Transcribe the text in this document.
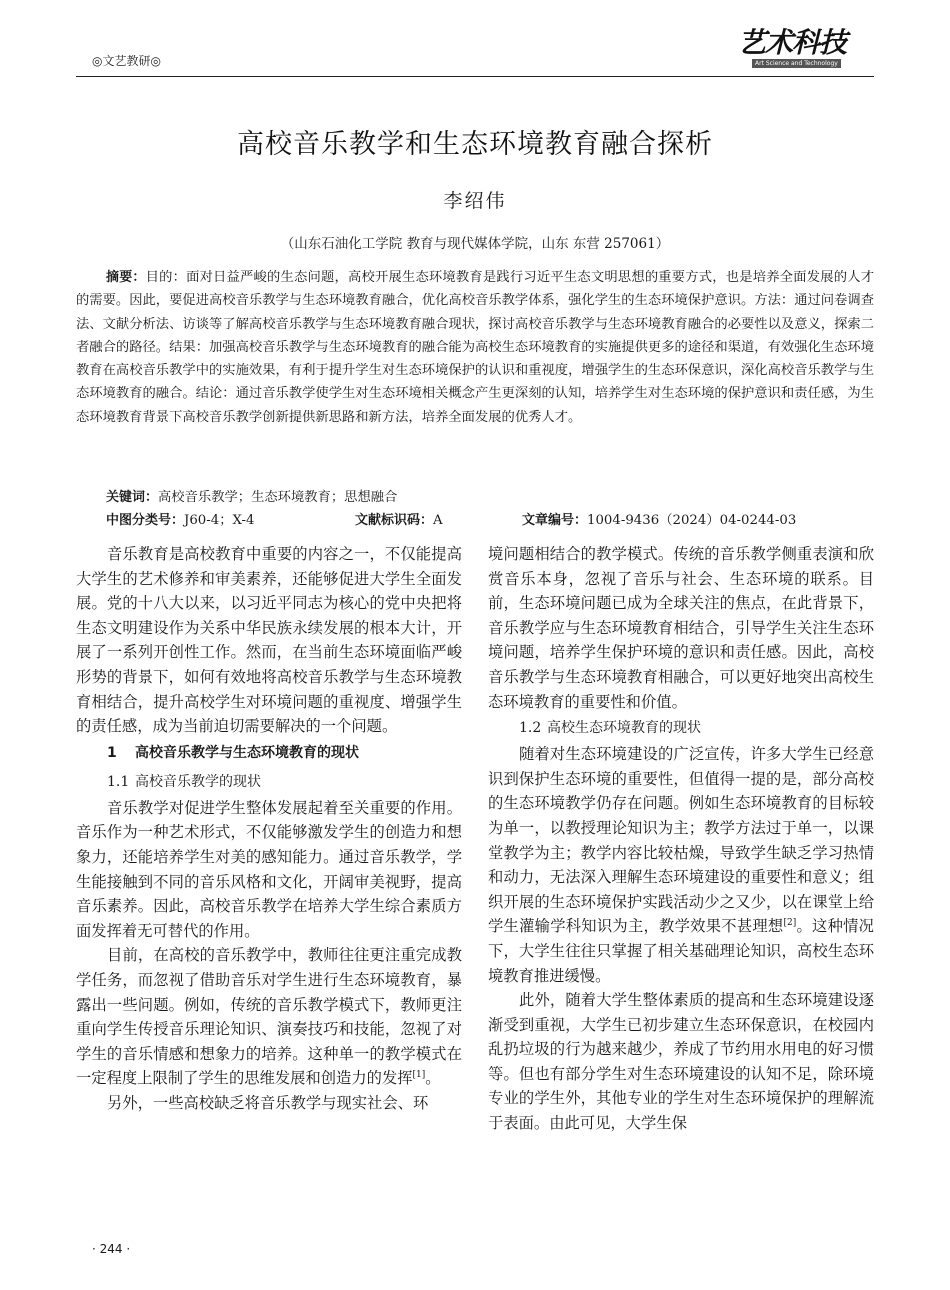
◎文艺教研◎
艺术科技
Art Science and Technology
高校音乐教学和生态环境教育融合探析
李绍伟
（山东石油化工学院 教育与现代媒体学院，山东 东营 257061）

摘要：目的：面对日益严峻的生态问题，高校开展生态环境教育是践行习近平生态文明思想的重要方式，也是培养全面发展的人才的需要。因此，要促进高校音乐教学与生态环境教育融合，优化高校音乐教学体系，强化学生的生态环境保护意识。方法：通过问卷调查法、文献分析法、访谈等了解高校音乐教学与生态环境教育融合现状，探讨高校音乐教学与生态环境教育融合的必要性以及意义，探索二者融合的路径。结果：加强高校音乐教学与生态环境教育的融合能为高校生态环境教育的实施提供更多的途径和渠道，有效强化生态环境教育在高校音乐教学中的实施效果，有利于提升学生对生态环境保护的认识和重视度，增强学生的生态环保意识，深化高校音乐教学与生态环境教育的融合。结论：通过音乐教学使学生对生态环境相关概念产生更深刻的认知，培养学生对生态环境的保护意识和责任感，为生态环境教育背景下高校音乐教学创新提供新思路和新方法，培养全面发展的优秀人才。

关键词：高校音乐教学；生态环境教育；思想融合
中图分类号：J60-4；X-4	文献标识码：A	文章编号：1004-9436（2024）04-0244-03

音乐教育是高校教育中重要的内容之一，不仅能提高大学生的艺术修养和审美素养，还能够促进大学生全面发展。党的十八大以来，以习近平同志为核心的党中央把将生态文明建设作为关系中华民族永续发展的根本大计，开展了一系列开创性工作。然而，在当前生态环境面临严峻形势的背景下，如何有效地将高校音乐教学与生态环境教育相结合，提升高校学生对环境问题的重视度、增强学生的责任感，成为当前迫切需要解决的一个问题。

1 高校音乐教学与生态环境教育的现状
1.1 高校音乐教学的现状

音乐教学对促进学生整体发展起着至关重要的作用。音乐作为一种艺术形式，不仅能够激发学生的创造力和想象力，还能培养学生对美的感知能力。通过音乐教学，学生能接触到不同的音乐风格和文化，开阔审美视野，提高音乐素养。因此，高校音乐教学在培养大学生综合素质方面发挥着无可替代的作用。

目前，在高校的音乐教学中，教师往往更注重完成教学任务，而忽视了借助音乐对学生进行生态环境教育，暴露出一些问题。例如，传统的音乐教学模式下，教师更注重向学生传授音乐理论知识、演奏技巧和技能，忽视了对学生的音乐情感和想象力的培养。这种单一的教学模式在一定程度上限制了学生的思维发展和创造力的发挥[1]。

另外，一些高校缺乏将音乐教学与现实社会、环

境问题相结合的教学模式。传统的音乐教学侧重表演和欣赏音乐本身，忽视了音乐与社会、生态环境的联系。目前，生态环境问题已成为全球关注的焦点，在此背景下，音乐教学应与生态环境教育相结合，引导学生关注生态环境问题，培养学生保护环境的意识和责任感。因此，高校音乐教学与生态环境教育相融合，可以更好地突出高校生态环境教育的重要性和价值。

1.2 高校生态环境教育的现状

随着对生态环境建设的广泛宣传，许多大学生已经意识到保护生态环境的重要性，但值得一提的是，部分高校的生态环境教学仍存在问题。例如生态环境教育的目标较为单一，以教授理论知识为主；教学方法过于单一，以课堂教学为主；教学内容比较枯燥，导致学生缺乏学习热情和动力，无法深入理解生态环境建设的重要性和意义；组织开展的生态环境保护实践活动少之又少，以在课堂上给学生灌输学科知识为主，教学效果不甚理想[2]。这种情况下，大学生往往只掌握了相关基础理论知识，高校生态环境教育推进缓慢。

此外，随着大学生整体素质的提高和生态环境建设逐渐受到重视，大学生已初步建立生态环保意识，在校园内乱扔垃圾的行为越来越少，养成了节约用水用电的好习惯等。但也有部分学生对生态环境建设的认知不足，除环境专业的学生外，其他专业的学生对生态环境保护的理解流于表面。由此可见，大学生保

· 244 ·
